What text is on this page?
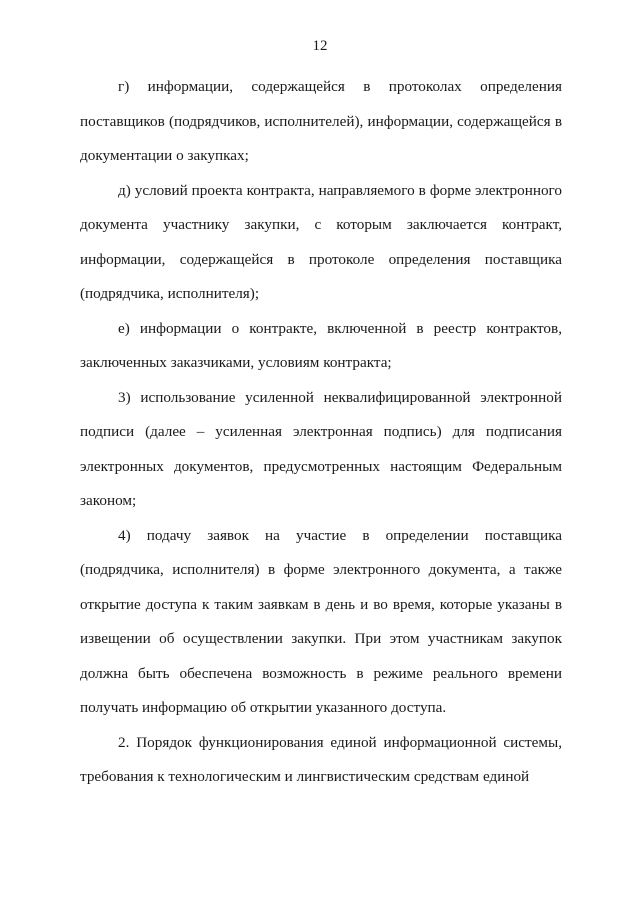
12

г) информации, содержащейся в протоколах определения поставщиков (подрядчиков, исполнителей), информации, содержащейся в документации о закупках;

д) условий проекта контракта, направляемого в форме электронного документа участнику закупки, с которым заключается контракт, информации, содержащейся в протоколе определения поставщика (подрядчика, исполнителя);

е) информации о контракте, включенной в реестр контрактов, заключенных заказчиками, условиям контракта;

3) использование усиленной неквалифицированной электронной подписи (далее – усиленная электронная подпись) для подписания электронных документов, предусмотренных настоящим Федеральным законом;

4) подачу заявок на участие в определении поставщика (подрядчика, исполнителя) в форме электронного документа, а также открытие доступа к таким заявкам в день и во время, которые указаны в извещении об осуществлении закупки. При этом участникам закупок должна быть обеспечена возможность в режиме реального времени получать информацию об открытии указанного доступа.

2. Порядок функционирования единой информационной системы, требования к технологическим и лингвистическим средствам единой
